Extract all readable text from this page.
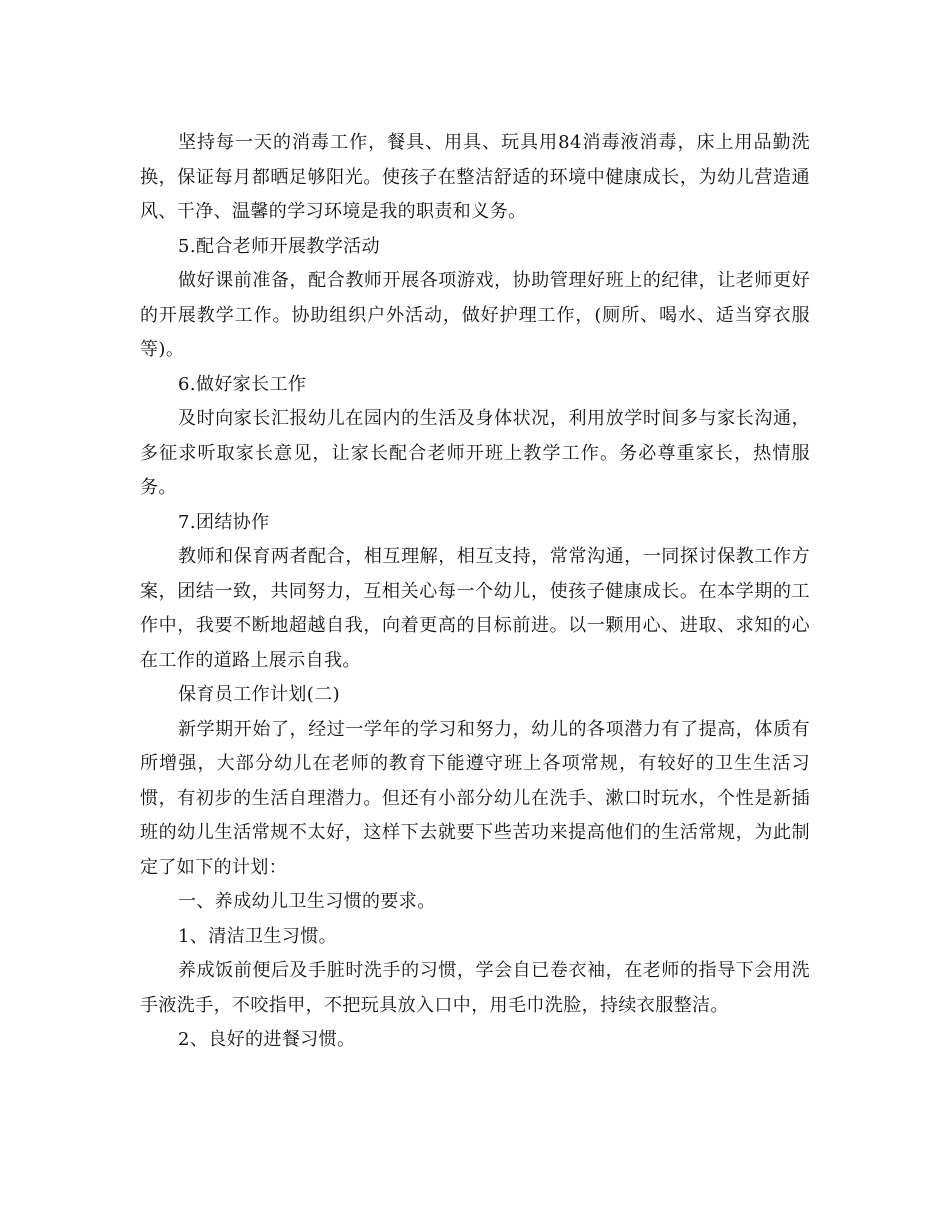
坚持每一天的消毒工作，餐具、用具、玩具用84消毒液消毒，床上用品勤洗换，保证每月都晒足够阳光。使孩子在整洁舒适的环境中健康成长，为幼儿营造通风、干净、温馨的学习环境是我的职责和义务。

5.配合老师开展教学活动

做好课前准备，配合教师开展各项游戏，协助管理好班上的纪律，让老师更好的开展教学工作。协助组织户外活动，做好护理工作，(厕所、喝水、适当穿衣服等)。

6.做好家长工作

及时向家长汇报幼儿在园内的生活及身体状况，利用放学时间多与家长沟通，多征求听取家长意见，让家长配合老师开班上教学工作。务必尊重家长，热情服务。

7.团结协作

教师和保育两者配合，相互理解，相互支持，常常沟通，一同探讨保教工作方案，团结一致，共同努力，互相关心每一个幼儿，使孩子健康成长。在本学期的工作中，我要不断地超越自我，向着更高的目标前进。以一颗用心、进取、求知的心在工作的道路上展示自我。

保育员工作计划(二)

新学期开始了，经过一学年的学习和努力，幼儿的各项潜力有了提高，体质有所增强，大部分幼儿在老师的教育下能遵守班上各项常规，有较好的卫生生活习惯，有初步的生活自理潜力。但还有小部分幼儿在洗手、漱口时玩水，个性是新插班的幼儿生活常规不太好，这样下去就要下些苦功来提高他们的生活常规，为此制定了如下的计划：

一、养成幼儿卫生习惯的要求。

1、清洁卫生习惯。

养成饭前便后及手脏时洗手的习惯，学会自已卷衣袖，在老师的指导下会用洗手液洗手，不咬指甲，不把玩具放入口中，用毛巾洗脸，持续衣服整洁。

2、良好的进餐习惯。
